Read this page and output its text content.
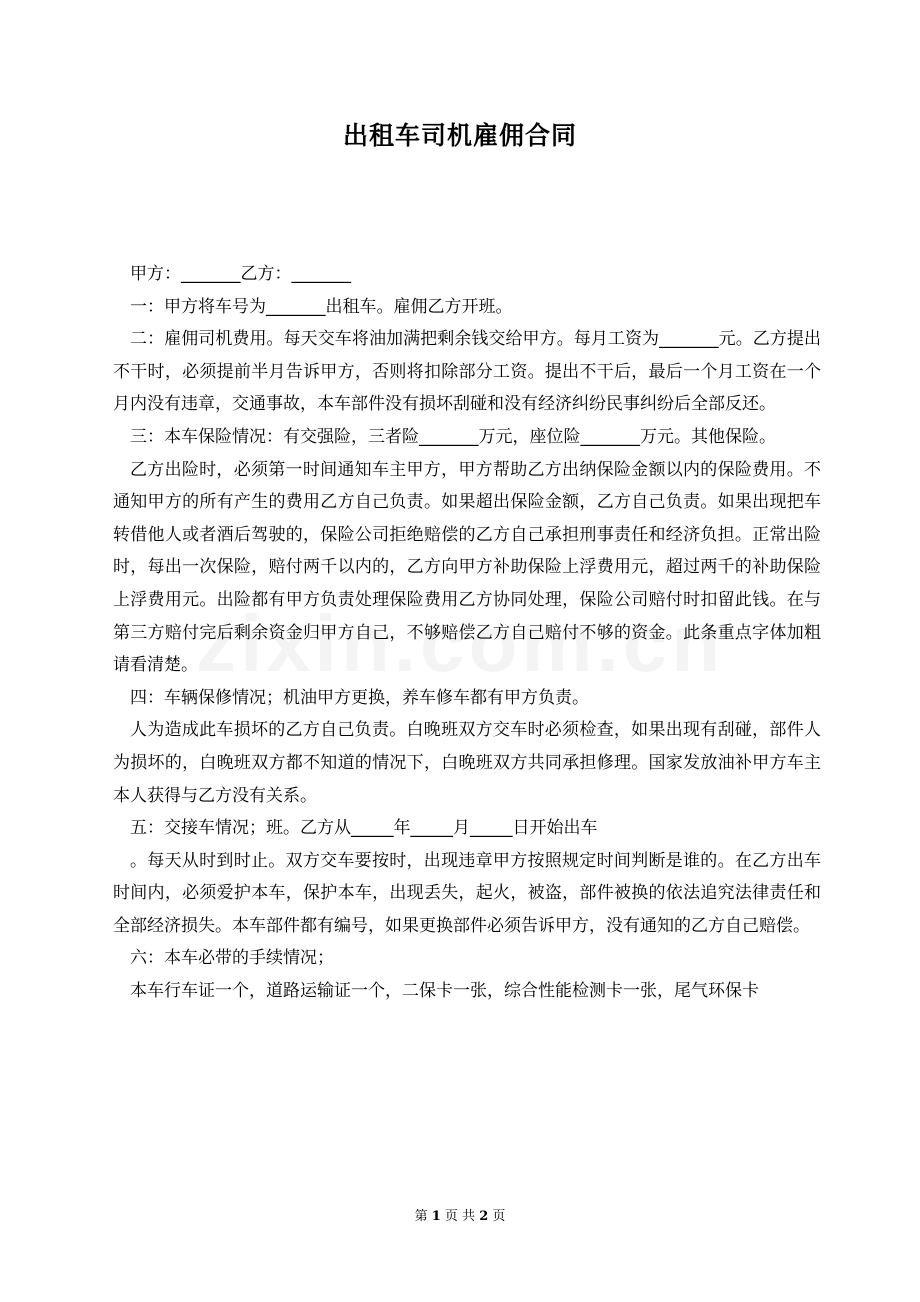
出租车司机雇佣合同

甲方：_______乙方：_______

一：甲方将车号为_______出租车。雇佣乙方开班。

二：雇佣司机费用。每天交车将油加满把剩余钱交给甲方。每月工资为_______元。乙方提出不干时，必须提前半月告诉甲方，否则将扣除部分工资。提出不干后，最后一个月工资在一个月内没有违章，交通事故，本车部件没有损坏刮碰和没有经济纠纷民事纠纷后全部反还。

三：本车保险情况：有交强险，三者险_______万元，座位险_______万元。其他保险。

乙方出险时，必须第一时间通知车主甲方，甲方帮助乙方出纳保险金额以内的保险费用。不通知甲方的所有产生的费用乙方自己负责。如果超出保险金额，乙方自己负责。如果出现把车转借他人或者酒后驾驶的，保险公司拒绝赔偿的乙方自己承担刑事责任和经济负担。正常出险时，每出一次保险，赔付两千以内的，乙方向甲方补助保险上浮费用元，超过两千的补助保险上浮费用元。出险都有甲方负责处理保险费用乙方协同处理，保险公司赔付时扣留此钱。在与第三方赔付完后剩余资金归甲方自己，不够赔偿乙方自己赔付不够的资金。此条重点字体加粗请看清楚。

四：车辆保修情况；机油甲方更换，养车修车都有甲方负责。

人为造成此车损坏的乙方自己负责。白晚班双方交车时必须检查，如果出现有刮碰，部件人为损坏的，白晚班双方都不知道的情况下，白晚班双方共同承担修理。国家发放油补甲方车主本人获得与乙方没有关系。

五：交接车情况；班。乙方从_____年_____月_____日开始出车

。每天从时到时止。双方交车要按时，出现违章甲方按照规定时间判断是谁的。在乙方出车时间内，必须爱护本车，保护本车，出现丢失，起火，被盗，部件被换的依法追究法律责任和全部经济损失。本车部件都有编号，如果更换部件必须告诉甲方，没有通知的乙方自己赔偿。

六：本车必带的手续情况；

本车行车证一个，道路运输证一个，二保卡一张，综合性能检测卡一张，尾气环保卡

第 1 页 共 2 页
